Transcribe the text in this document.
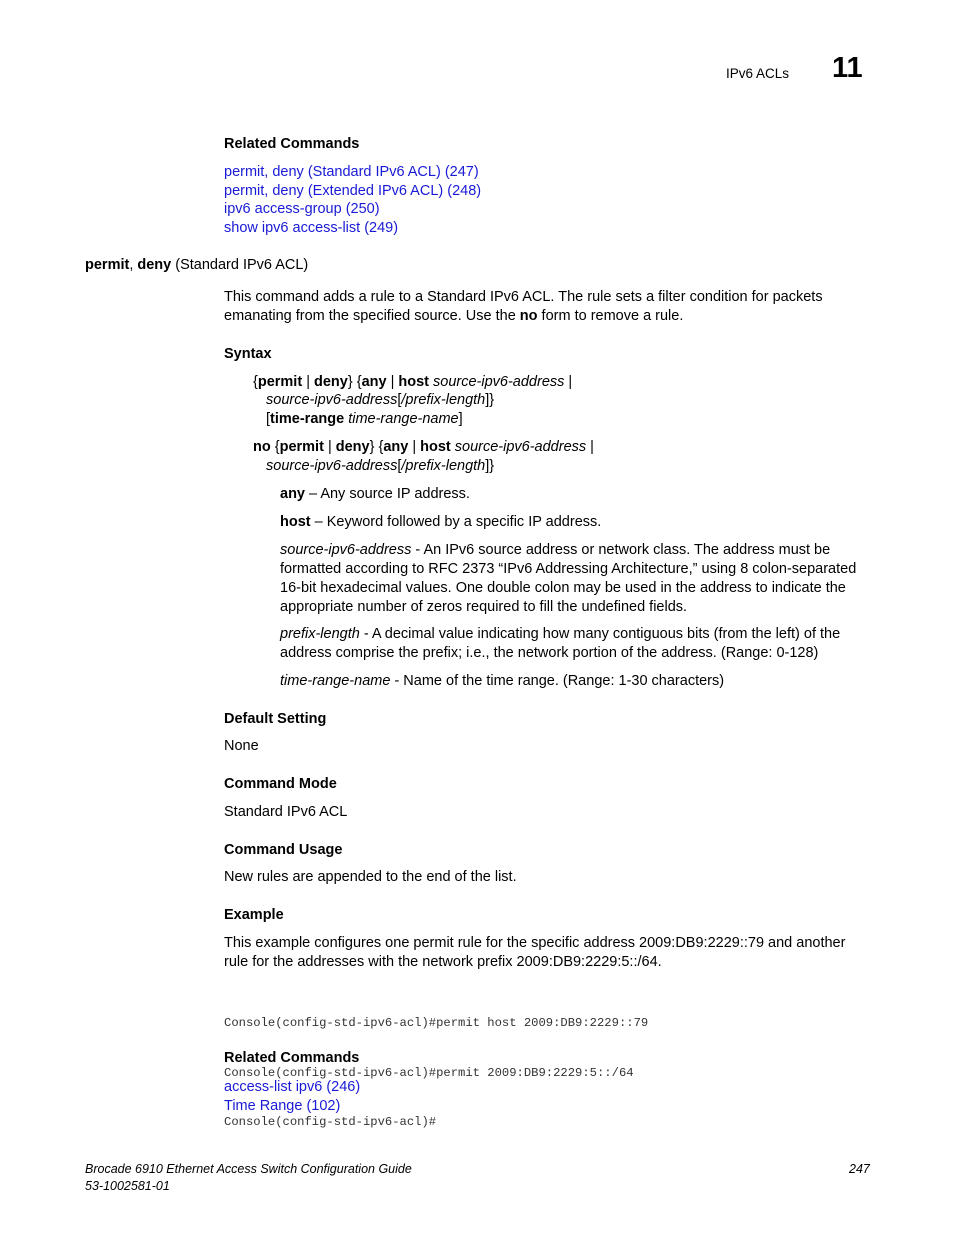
IPv6 ACLs 11
Related Commands
permit, deny (Standard IPv6 ACL) (247)
permit, deny (Extended IPv6 ACL) (248)
ipv6 access-group (250)
show ipv6 access-list (249)
permit, deny (Standard IPv6 ACL)
This command adds a rule to a Standard IPv6 ACL. The rule sets a filter condition for packets
emanating from the specified source. Use the no form to remove a rule.
Syntax
{permit | deny} {any | host source-ipv6-address |
source-ipv6-address[/prefix-length]}
[time-range time-range-name]
no {permit | deny} {any | host source-ipv6-address |
source-ipv6-address[/prefix-length]}
any – Any source IP address.
host – Keyword followed by a specific IP address.
source-ipv6-address - An IPv6 source address or network class. The address must be
formatted according to RFC 2373 “IPv6 Addressing Architecture,” using 8 colon-separated
16-bit hexadecimal values. One double colon may be used in the address to indicate the
appropriate number of zeros required to fill the undefined fields.
prefix-length - A decimal value indicating how many contiguous bits (from the left) of the
address comprise the prefix; i.e., the network portion of the address. (Range: 0-128)
time-range-name - Name of the time range. (Range: 1-30 characters)
Default Setting
None
Command Mode
Standard IPv6 ACL
Command Usage
New rules are appended to the end of the list.
Example
This example configures one permit rule for the specific address 2009:DB9:2229::79 and another
rule for the addresses with the network prefix 2009:DB9:2229:5::/64.

Console(config-std-ipv6-acl)#permit host 2009:DB9:2229::79

Console(config-std-ipv6-acl)#permit 2009:DB9:2229:5::/64

Console(config-std-ipv6-acl)#

Related Commands
access-list ipv6 (246)
Time Range (102)
Brocade 6910 Ethernet Access Switch Configuration Guide
53-1002581-01
247
